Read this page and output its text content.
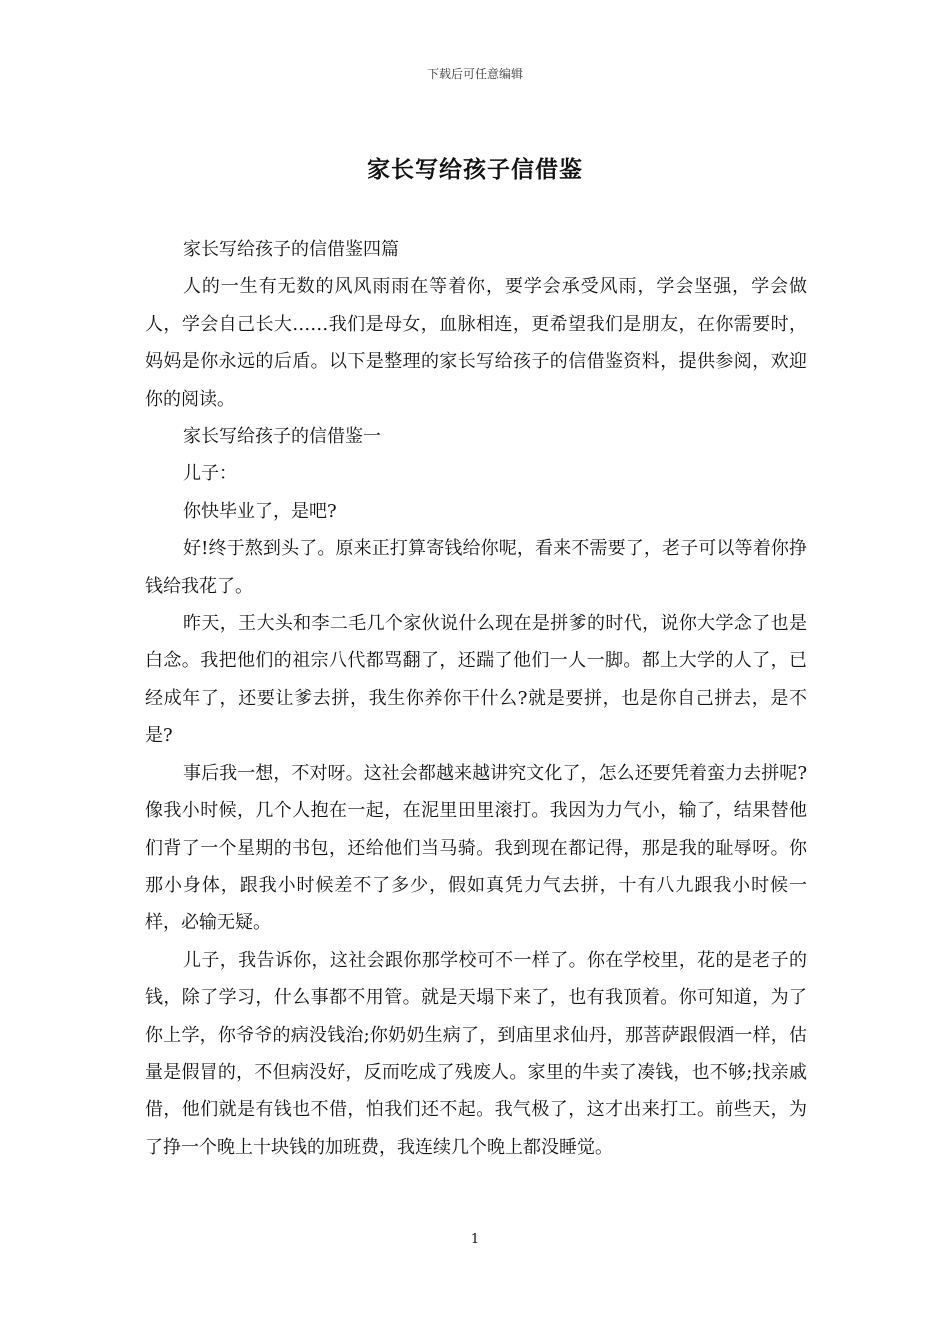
下载后可任意编辑
家长写给孩子信借鉴

家长写给孩子的信借鉴四篇

人的一生有无数的风风雨雨在等着你，要学会承受风雨，学会坚强，学会做人，学会自己长大……我们是母女，血脉相连，更希望我们是朋友，在你需要时，妈妈是你永远的后盾。以下是整理的家长写给孩子的信借鉴资料，提供参阅，欢迎你的阅读。

家长写给孩子的信借鉴一

儿子：

你快毕业了，是吧?

好!终于熬到头了。原来正打算寄钱给你呢，看来不需要了，老子可以等着你挣钱给我花了。

昨天，王大头和李二毛几个家伙说什么现在是拼爹的时代，说你大学念了也是白念。我把他们的祖宗八代都骂翻了，还踹了他们一人一脚。都上大学的人了，已经成年了，还要让爹去拼，我生你养你干什么?就是要拼，也是你自己拼去，是不是?

事后我一想，不对呀。这社会都越来越讲究文化了，怎么还要凭着蛮力去拼呢?像我小时候，几个人抱在一起，在泥里田里滚打。我因为力气小，输了，结果替他们背了一个星期的书包，还给他们当马骑。我到现在都记得，那是我的耻辱呀。你那小身体，跟我小时候差不了多少，假如真凭力气去拼，十有八九跟我小时候一样，必输无疑。

儿子，我告诉你，这社会跟你那学校可不一样了。你在学校里，花的是老子的钱，除了学习，什么事都不用管。就是天塌下来了，也有我顶着。你可知道，为了你上学，你爷爷的病没钱治;你奶奶生病了，到庙里求仙丹，那菩萨跟假酒一样，估量是假冒的，不但病没好，反而吃成了残废人。家里的牛卖了凑钱，也不够;找亲戚借，他们就是有钱也不借，怕我们还不起。我气极了，这才出来打工。前些天，为了挣一个晚上十块钱的加班费，我连续几个晚上都没睡觉。

1
